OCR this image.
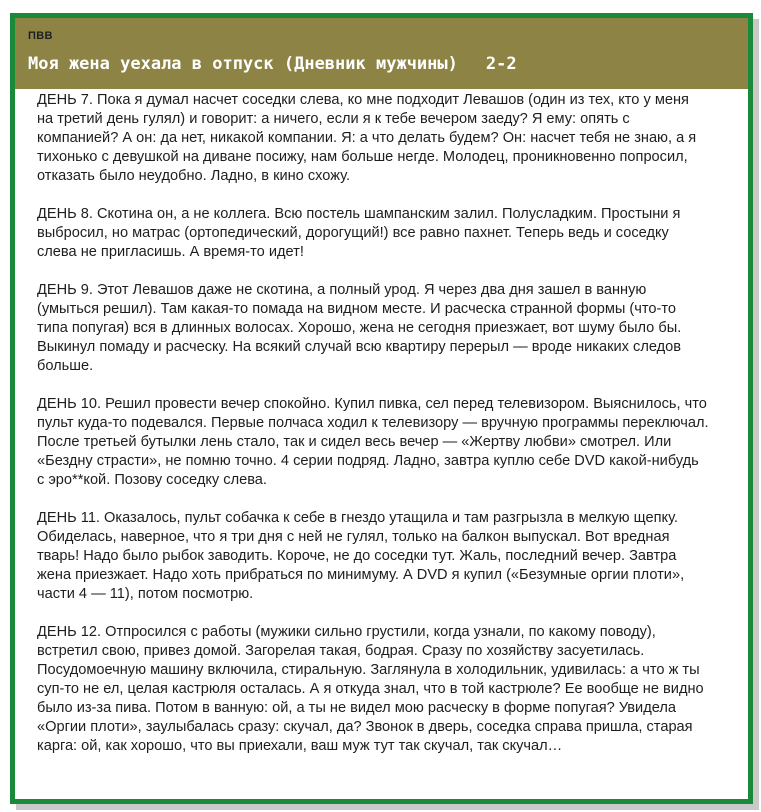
ПВВ
Моя жена уехала в отпуск (Дневник мужчины) 2-2

ДЕНЬ 7. Пока я думал насчет соседки слева, ко мне подходит Левашов (один из тех, кто у меня на третий день гулял) и говорит: а ничего, если я к тебе вечером заеду? Я ему: опять с компанией? А он: да нет, никакой компании. Я: а что делать будем? Он: насчет тебя не знаю, а я тихонько с девушкой на диване посижу, нам больше негде. Молодец, проникновенно попросил, отказать было неудобно. Ладно, в кино схожу.

ДЕНЬ 8. Скотина он, а не коллега. Всю постель шампанским залил. Полусладким. Простыни я выбросил, но матрас (ортопедический, дорогущий!) все равно пахнет. Теперь ведь и соседку слева не пригласишь. А время-то идет!

ДЕНЬ 9. Этот Левашов даже не скотина, а полный урод. Я через два дня зашел в ванную (умыться решил). Там какая-то помада на видном месте. И расческа странной формы (что-то типа попугая) вся в длинных волосах. Хорошо, жена не сегодня приезжает, вот шуму было бы. Выкинул помаду и расческу. На всякий случай всю квартиру перерыл — вроде никаких следов больше.

ДЕНЬ 10. Решил провести вечер спокойно. Купил пивка, сел перед телевизором. Выяснилось, что пульт куда-то подевался. Первые полчаса ходил к телевизору — вручную программы переключал. После третьей бутылки лень стало, так и сидел весь вечер — «Жертву любви» смотрел. Или «Бездну страсти», не помню точно. 4 серии подряд. Ладно, завтра куплю себе DVD какой-нибудь с эро**кой. Позову соседку слева.

ДЕНЬ 11. Оказалось, пульт собачка к себе в гнездо утащила и там разгрызла в мелкую щепку. Обиделась, наверное, что я три дня с ней не гулял, только на балкон выпускал. Вот вредная тварь! Надо было рыбок заводить. Короче, не до соседки тут. Жаль, последний вечер. Завтра жена приезжает. Надо хоть прибраться по минимуму. А DVD я купил («Безумные оргии плоти», части 4 — 11), потом посмотрю.

ДЕНЬ 12. Отпросился с работы (мужики сильно грустили, когда узнали, по какому поводу), встретил свою, привез домой. Загорелая такая, бодрая. Сразу по хозяйству засуетилась. Посудомоечную машину включила, стиральную. Заглянула в холодильник, удивилась: а что ж ты суп-то не ел, целая кастрюля осталась. А я откуда знал, что в той кастрюле? Ее вообще не видно было из-за пива. Потом в ванную: ой, а ты не видел мою расческу в форме попугая? Увидела «Оргии плоти», заулыбалась сразу: скучал, да? Звонок в дверь, соседка справа пришла, старая карга: ой, как хорошо, что вы приехали, ваш муж тут так скучал, так скучал…
